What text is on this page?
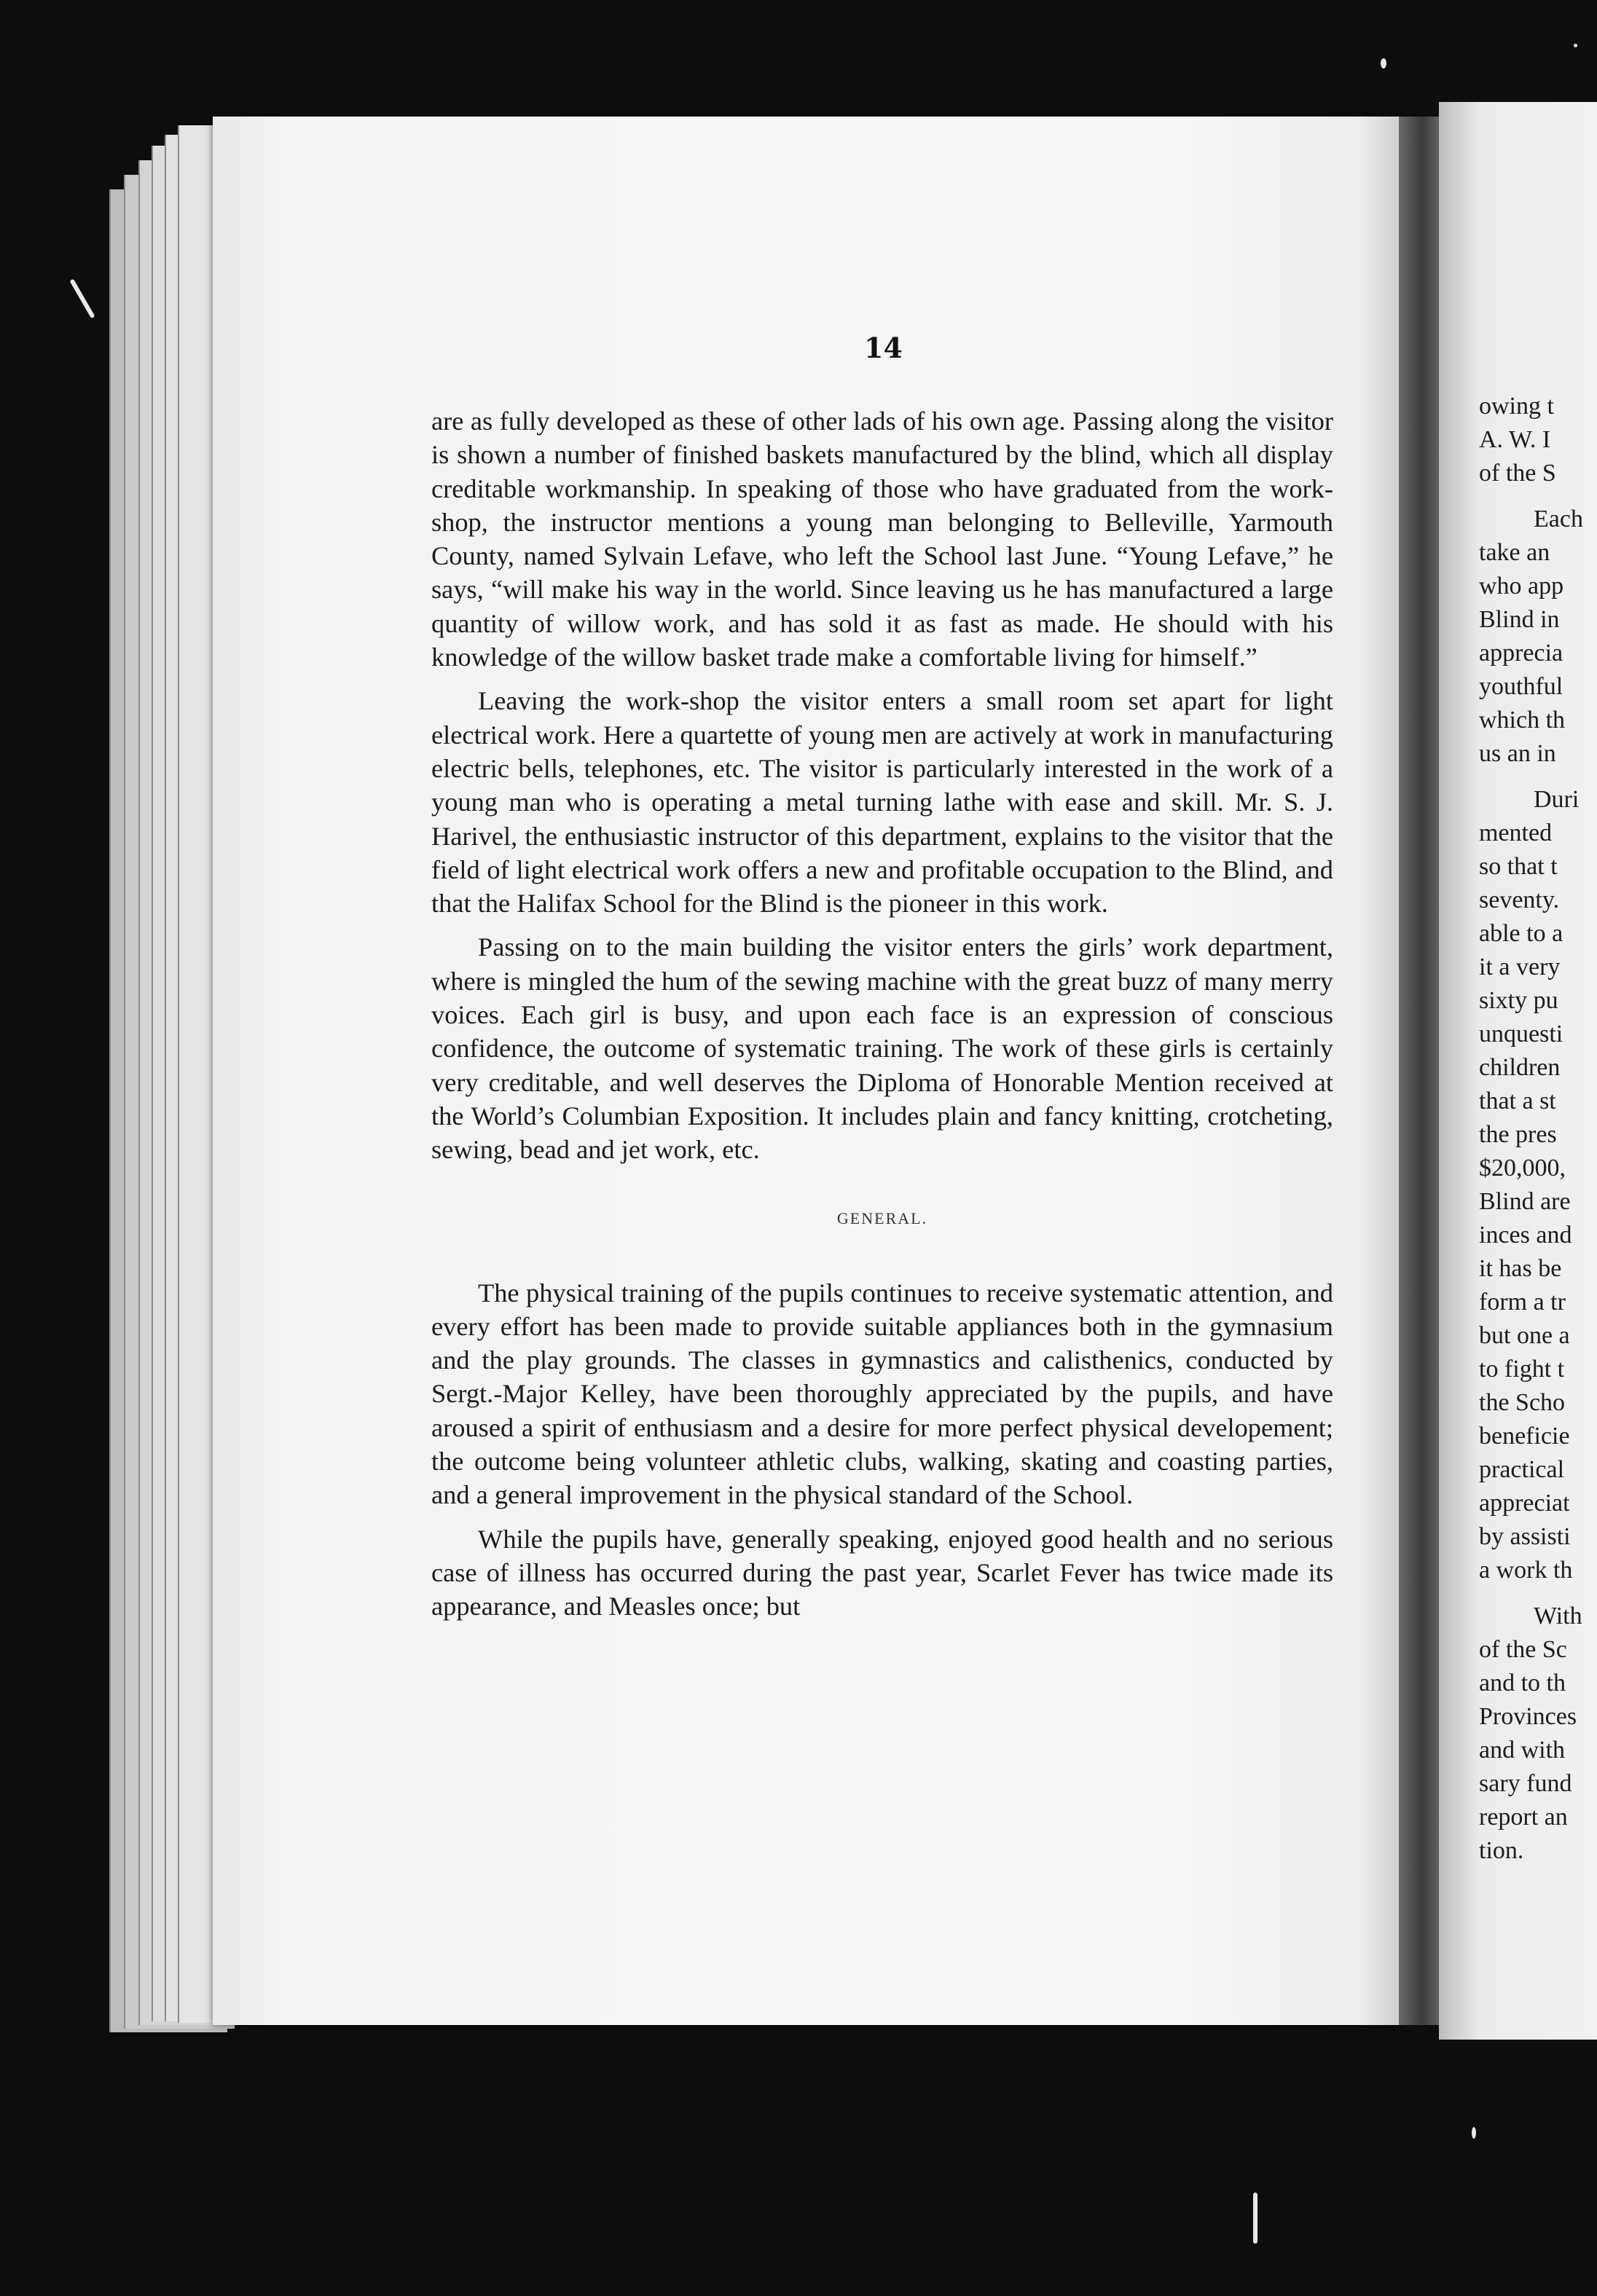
14

are as fully developed as these of other lads of his own age. Passing along the visitor is shown a number of finished baskets manufactured by the blind, which all display creditable workmanship. In speaking of those who have graduated from the work-shop, the instructor mentions a young man belonging to Belleville, Yarmouth County, named Sylvain Lefave, who left the School last June. “Young Lefave,” he says, “will make his way in the world. Since leaving us he has manufactured a large quantity of willow work, and has sold it as fast as made. He should with his knowledge of the willow basket trade make a comfortable living for himself.”

Leaving the work-shop the visitor enters a small room set apart for light electrical work. Here a quartette of young men are actively at work in manufacturing electric bells, telephones, etc. The visitor is particularly interested in the work of a young man who is operating a metal turning lathe with ease and skill. Mr. S. J. Harivel, the enthusiastic instructor of this department, explains to the visitor that the field of light electrical work offers a new and profitable occupation to the Blind, and that the Halifax School for the Blind is the pioneer in this work.

Passing on to the main building the visitor enters the girls’ work department, where is mingled the hum of the sewing machine with the great buzz of many merry voices. Each girl is busy, and upon each face is an expression of conscious confidence, the outcome of systematic training. The work of these girls is certainly very creditable, and well deserves the Diploma of Honorable Mention received at the World’s Columbian Exposition. It includes plain and fancy knitting, crotcheting, sewing, bead and jet work, etc.

GENERAL.

The physical training of the pupils continues to receive systematic attention, and every effort has been made to provide suitable appliances both in the gymnasium and the play grounds. The classes in gymnastics and calisthenics, conducted by Sergt.-Major Kelley, have been thoroughly appreciated by the pupils, and have aroused a spirit of enthusiasm and a desire for more perfect physical developement; the outcome being volunteer athletic clubs, walking, skating and coasting parties, and a general improvement in the physical standard of the School.

While the pupils have, generally speaking, enjoyed good health and no serious case of illness has occurred during the past year, Scarlet Fever has twice made its appearance, and Measles once; but

owing t
A. W. I
of the S
Each
take an
who app
Blind in
apprecia
youthful
which th
us an in
Duri
mented
so that t
seventy.
able to a
it a very
sixty pu
unquesti
children
that a st
the pres
$20,000,
Blind are
inces and
it has be
form a tr
but one a
to fight t
the Scho
beneficie
practical
appreciat
by assisti
a work th
With
of the Sc
and to th
Provinces
and with
sary fund
report an
tion.
